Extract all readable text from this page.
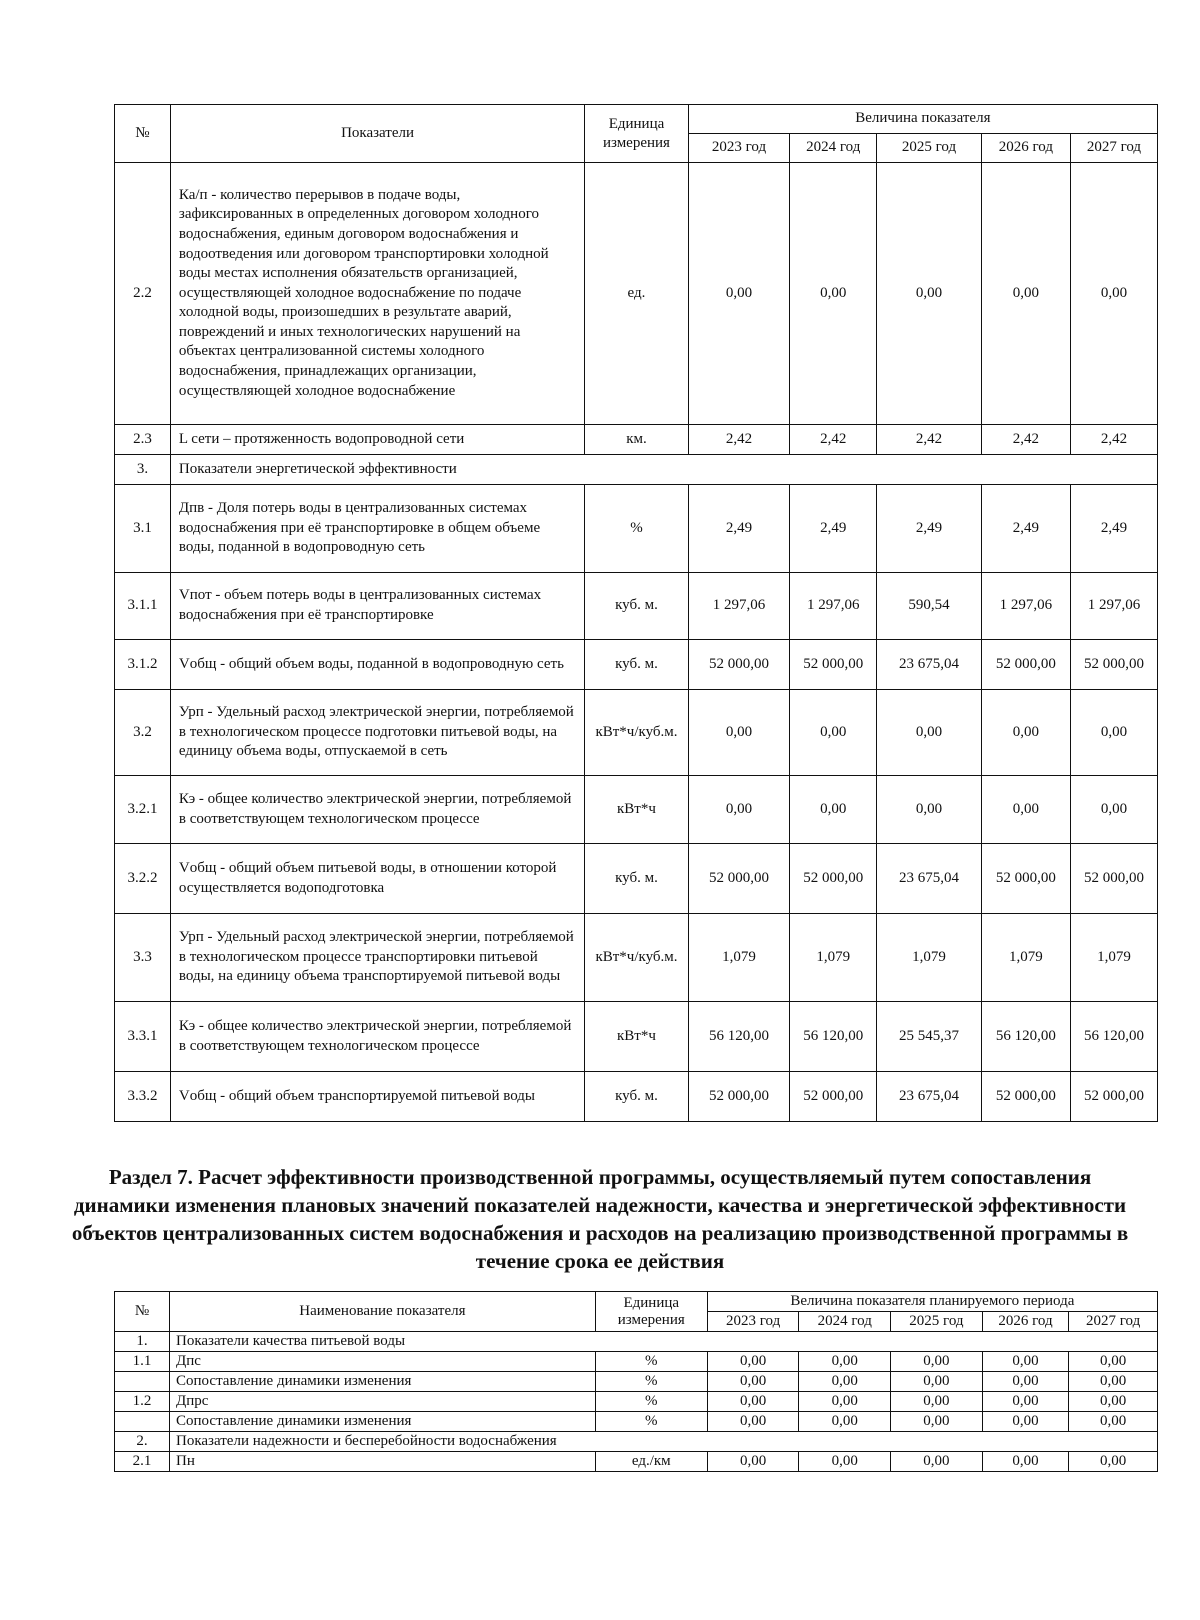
№	Показатели	Единица измерения	Величина показателя				
			2023 год	2024 год	2025 год	2026 год	2027 год
2.2	Ка/п - количество перерывов в подаче воды, зафиксированных в определенных договором холодного водоснабжения, единым договором водоснабжения и водоотведения или договором транспортировки холодной воды местах исполнения обязательств организацией, осуществляющей холодное водоснабжение по подаче холодной воды, произошедших в результате аварий, повреждений и иных технологических нарушений на объектах централизованной системы холодного водоснабжения, принадлежащих организации, осуществляющей холодное водоснабжение	ед.	0,00	0,00	0,00	0,00	0,00
2.3	L сети – протяженность водопроводной сети	км.	2,42	2,42	2,42	2,42	2,42
3.	Показатели энергетической эффективности						
3.1	Дпв - Доля потерь воды в централизованных системах водоснабжения при её транспортировке в общем объеме воды, поданной в водопроводную сеть	%	2,49	2,49	2,49	2,49	2,49
3.1.1	Vпот - объем потерь воды в централизованных системах водоснабжения при её транспортировке	куб. м.	1 297,06	1 297,06	590,54	1 297,06	1 297,06
3.1.2	Vобщ - общий объем воды, поданной в водопроводную сеть	куб. м.	52 000,00	52 000,00	23 675,04	52 000,00	52 000,00
3.2	Урп - Удельный расход электрической энергии, потребляемой в технологическом процессе подготовки питьевой воды, на единицу объема воды, отпускаемой в сеть	кВт*ч/куб.м.	0,00	0,00	0,00	0,00	0,00
3.2.1	Кэ - общее количество электрической энергии, потребляемой в соответствующем технологическом процессе	кВт*ч	0,00	0,00	0,00	0,00	0,00
3.2.2	Vобщ - общий объем питьевой воды, в отношении которой осуществляется водоподготовка	куб. м.	52 000,00	52 000,00	23 675,04	52 000,00	52 000,00
3.3	Урп - Удельный расход электрической энергии, потребляемой в технологическом процессе транспортировки питьевой воды, на единицу объема транспортируемой питьевой воды	кВт*ч/куб.м.	1,079	1,079	1,079	1,079	1,079
3.3.1	Кэ - общее количество электрической энергии, потребляемой в соответствующем технологическом процессе	кВт*ч	56 120,00	56 120,00	25 545,37	56 120,00	56 120,00
3.3.2	Vобщ - общий объем транспортируемой питьевой воды	куб. м.	52 000,00	52 000,00	23 675,04	52 000,00	52 000,00
Раздел 7. Расчет эффективности производственной программы, осуществляемый путем сопоставления динамики изменения плановых значений показателей надежности, качества и энергетической эффективности объектов централизованных систем водоснабжения и расходов на реализацию производственной программы в течение срока ее действия
№	Наименование показателя	Единица измерения	Величина показателя планируемого периода				
			2023 год	2024 год	2025 год	2026 год	2027 год
1.	Показатели качества питьевой воды						
1.1	Дпс	%	0,00	0,00	0,00	0,00	0,00
	Сопоставление динамики изменения	%	0,00	0,00	0,00	0,00	0,00
1.2	Дпрс	%	0,00	0,00	0,00	0,00	0,00
	Сопоставление динамики изменения	%	0,00	0,00	0,00	0,00	0,00
2.	Показатели надежности и бесперебойности водоснабжения						
2.1	Пн	ед./км	0,00	0,00	0,00	0,00	0,00
